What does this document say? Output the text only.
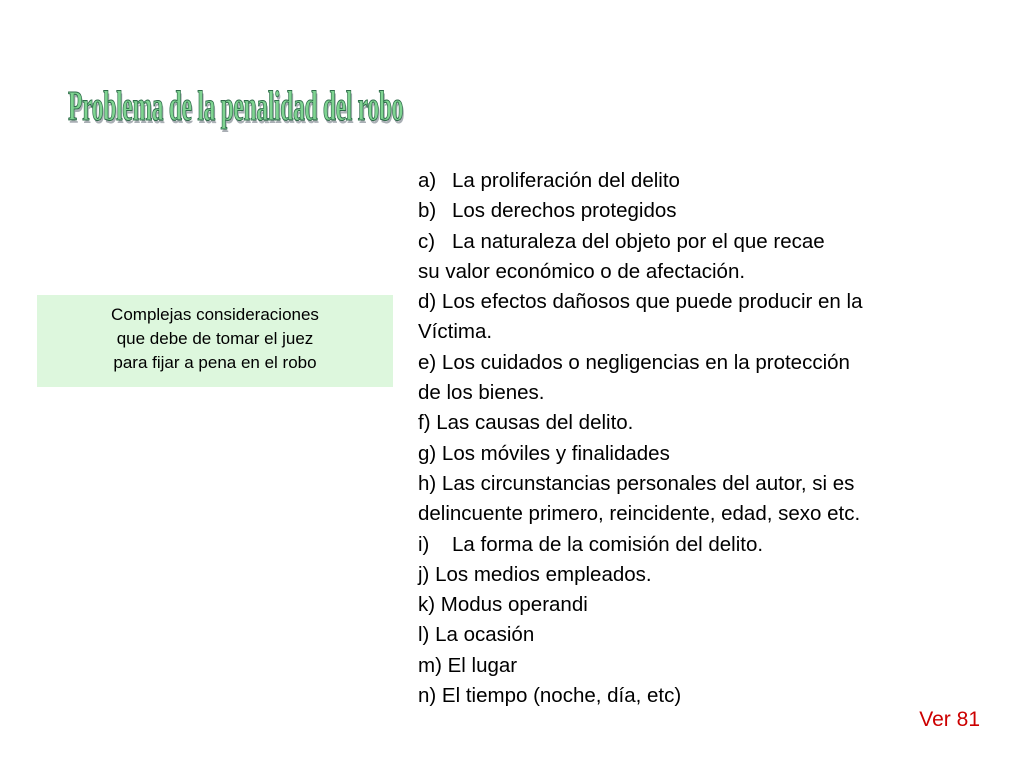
Problema de la penalidad del robo
Complejas consideraciones
que debe de tomar el juez
para fijar a pena en el robo
a) La proliferación del delito
b) Los derechos protegidos
c) La naturaleza del objeto por el que recae
su valor económico o de afectación.
d) Los efectos dañosos que puede producir en la
Víctima.
e) Los cuidados o negligencias en la protección
de los bienes.
f) Las causas del delito.
g) Los móviles y finalidades
h) Las circunstancias personales del autor, si es
delincuente primero, reincidente, edad, sexo etc.
i) La forma de la comisión del delito.
j) Los medios empleados.
k) Modus operandi
l) La ocasión
m) El lugar
n) El tiempo (noche, día, etc)
Ver 81
